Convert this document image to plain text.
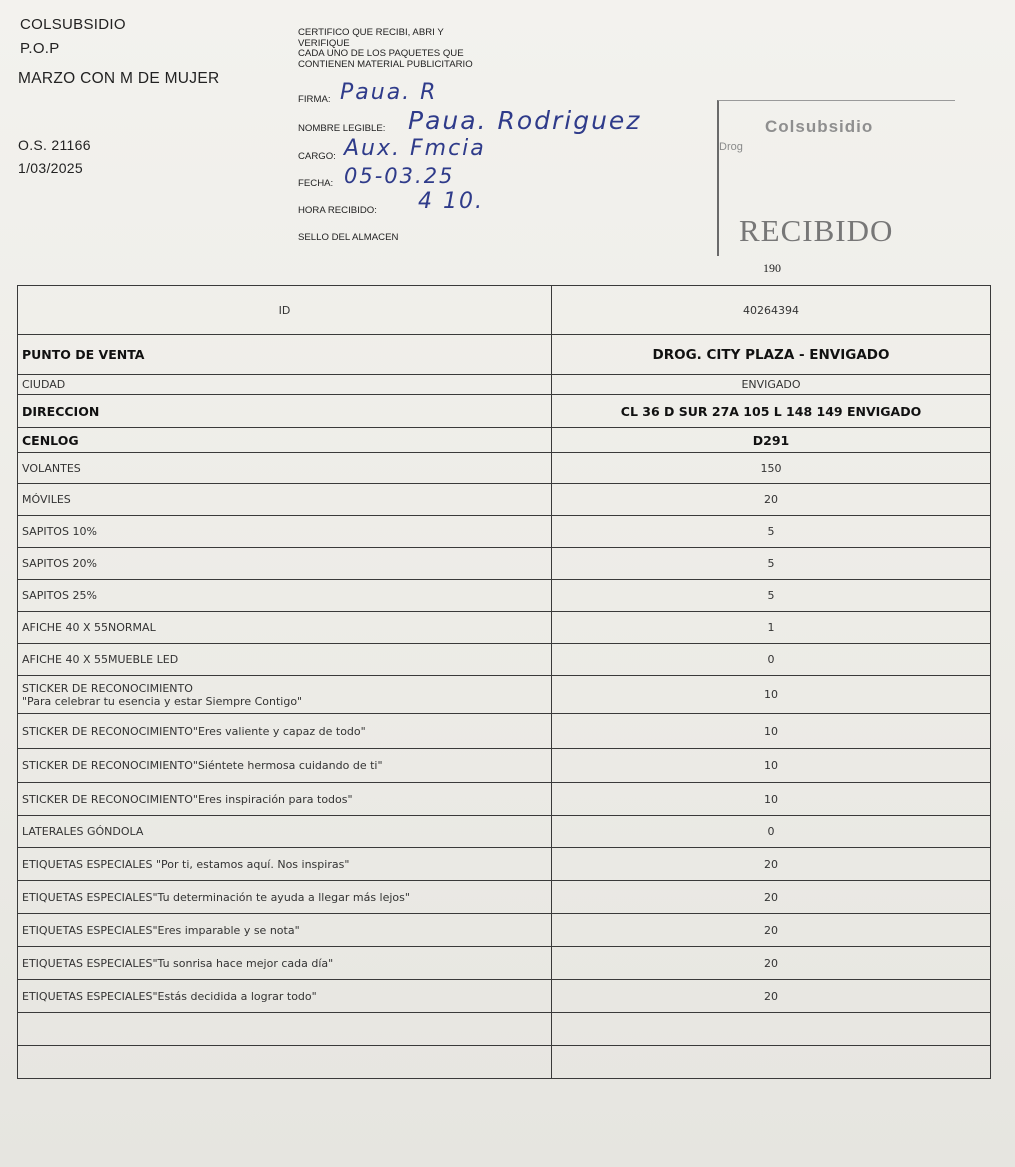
COLSUBSIDIO
P.O.P
MARZO CON M DE MUJER
O.S. 21166
1/03/2025
CERTIFICO QUE RECIBI, ABRI Y
VERIFIQUE
CADA UNO DE LOS PAQUETES QUE
CONTIENEN MATERIAL PUBLICITARIO
FIRMA: Paua. R
NOMBRE LEGIBLE: Paua. Rodriguez
CARGO: Aux. Fmcia
FECHA: 05-03.25
HORA RECIBIDO: 4 10.
SELLO DEL ALMACEN
Colsubsidio
Drog
RECIBIDO
190
ID	40264394
PUNTO DE VENTA	DROG. CITY PLAZA - ENVIGADO
CIUDAD	ENVIGADO
DIRECCION	CL 36 D SUR 27A 105 L 148 149 ENVIGADO
CENLOG	D291
VOLANTES	150
MÓVILES	20
SAPITOS 10%	5
SAPITOS 20%	5
SAPITOS 25%	5
AFICHE 40 X 55NORMAL	1
AFICHE 40 X 55MUEBLE LED	0

STICKER DE RECONOCIMIENTO
"Para celebrar tu esencia y estar Siempre Contigo"	10
STICKER DE RECONOCIMIENTO"Eres valiente y capaz de todo"	10
STICKER DE RECONOCIMIENTO"Siéntete hermosa cuidando de ti"	10
STICKER DE RECONOCIMIENTO"Eres inspiración para todos"	10
LATERALES GÓNDOLA	0
ETIQUETAS ESPECIALES "Por ti, estamos aquí. Nos inspiras"	20
ETIQUETAS ESPECIALES"Tu determinación te ayuda a llegar más lejos"	20
ETIQUETAS ESPECIALES"Eres imparable y se nota"	20
ETIQUETAS ESPECIALES"Tu sonrisa hace mejor cada día"	20
ETIQUETAS ESPECIALES"Estás decidida a lograr todo"	20
